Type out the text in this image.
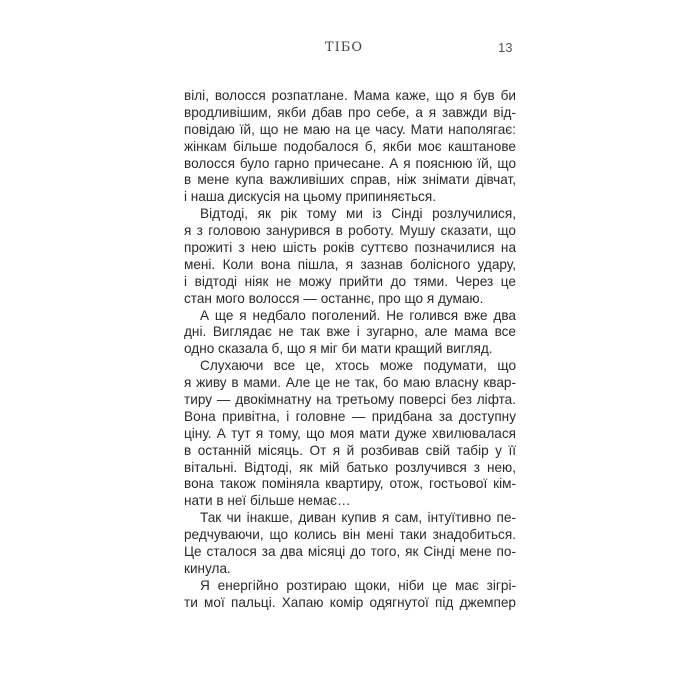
ТІБО	13
вілі, волосся розпатлане. Мама каже, що я був би
вродливішим, якби дбав про себе, а я завжди від-
повідаю їй, що не маю на це часу. Мати наполягає:
жінкам більше подобалося б, якби моє каштанове
волосся було гарно причесане. А я пояснюю їй, що
в мене купа важливіших справ, ніж знімати дівчат,
і наша дискусія на цьому припиняється.
Відтоді, як рік тому ми із Сінді розлучилися,
я з головою занурився в роботу. Мушу сказати, що
прожиті з нею шість років суттєво позначилися на
мені. Коли вона пішла, я зазнав болісного удару,
і відтоді ніяк не можу прийти до тями. Через це
стан мого волосся — останнє, про що я думаю.
А ще я недбало поголений. Не голився вже два
дні. Виглядає не так вже і зугарно, але мама все
одно сказала б, що я міг би мати кращий вигляд.
Слухаючи все це, хтось може подумати, що
я живу в мами. Але це не так, бо маю власну квар-
тиру — двокімнатну на третьому поверсі без ліфта.
Вона привітна, і головне — придбана за доступну
ціну. А тут я тому, що моя мати дуже хвилювалася
в останній місяць. От я й розбивав свій табір у її
вітальні. Відтоді, як мій батько розлучився з нею,
вона також поміняла квартиру, отож, гостьової кім-
нати в неї більше немає…
Так чи інакше, диван купив я сам, інтуїтивно пе-
редчуваючи, що колись він мені таки знадобиться.
Це сталося за два місяці до того, як Сінді мене по-
кинула.
Я енергійно розтираю щоки, ніби це має зігрі-
ти мої пальці. Хапаю комір одягнутої під джемпер
